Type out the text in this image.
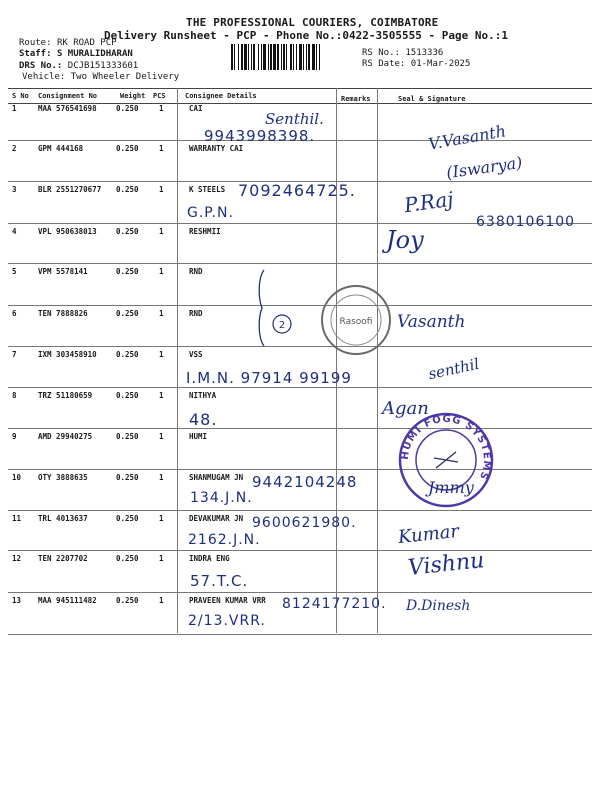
THE PROFESSIONAL COURIERS, COIMBATORE
Delivery Runsheet - PCP - Phone No.:0422-3505555 - Page No.:1
Route: RK ROAD PCP
Staff: S MURALIDHARAN
DRS No.: DCJB151333601
Vehicle: Two Wheeler Delivery
RS No.: 1513336
RS Date: 01-Mar-2025
S No Consignment No	Weight PCS	Consignee Details	Remarks	Seal & Signature
1	MAA 576541698	0.250	1	CAI
2	GPM 444168	0.250	1	WARRANTY CAI
3	BLR 2551270677 0.250	1	K STEELS
4	VPL 950638013	0.250	1	RESHMII
5	VPM 5578141	0.250	1	RND
6	TEN 7888826	0.250	1	RND
7	IXM 303458910	0.250	1	VSS
8	TRZ 51180659	0.250	1	NITHYA
9	AMD 29940275	0.250	1	HUMI
10 OTY 3888635	0.250	1	SHANMUGAM JN
11 TRL 4013637	0.250	1	DEVAKUMAR JN
12 TEN 2207702	0.250	1	INDRA ENG
13 MAA 945111482	0.250	1	PRAVEEN KUMAR VRR
Senthil.
9943998398.	V.Vasanth
(Iswarya)
7092464725.
G.P.N.	P.Raj
6380106100
Joy
2	Rasoofi Vasanth
I.M.N. 97914 99199	senthil
48.
Agan
HUMI FOGG SYSTEMS
9442104248
134.J.N.
Jmmy
9600621980.
2162.J.N.	Kumar
Vishnu
57.T.C.
8124177210.
2/13.VRR.
D.Dinesh
